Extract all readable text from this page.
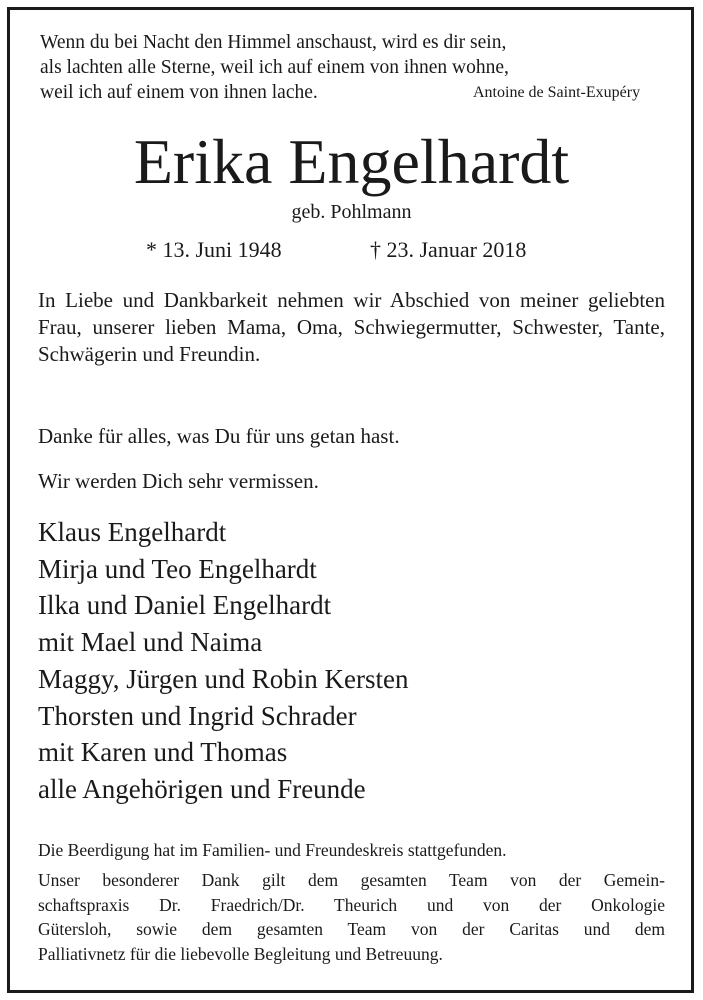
Wenn du bei Nacht den Himmel anschaust, wird es dir sein,
als lachten alle Sterne, weil ich auf einem von ihnen wohne,
weil ich auf einem von ihnen lache.	Antoine de Saint-Exupéry
Erika Engelhardt
geb. Pohlmann
* 13. Juni 1948	† 23. Januar 2018
In Liebe und Dankbarkeit nehmen wir Abschied von meiner geliebten Frau, unserer lieben Mama, Oma, Schwiegermutter, Schwester, Tante, Schwägerin und Freundin.
Danke für alles, was Du für uns getan hast.
Wir werden Dich sehr vermissen.
Klaus Engelhardt
Mirja und Teo Engelhardt
Ilka und Daniel Engelhardt
mit Mael und Naima
Maggy, Jürgen und Robin Kersten
Thorsten und Ingrid Schrader
mit Karen und Thomas
alle Angehörigen und Freunde
Die Beerdigung hat im Familien- und Freundeskreis stattgefunden.
Unser besonderer Dank gilt dem gesamten Team von der Gemein-
schaftspraxis Dr. Fraedrich/Dr. Theurich und von der Onkologie
Gütersloh, sowie dem gesamten Team von der Caritas und dem
Palliativnetz für die liebevolle Begleitung und Betreuung.
